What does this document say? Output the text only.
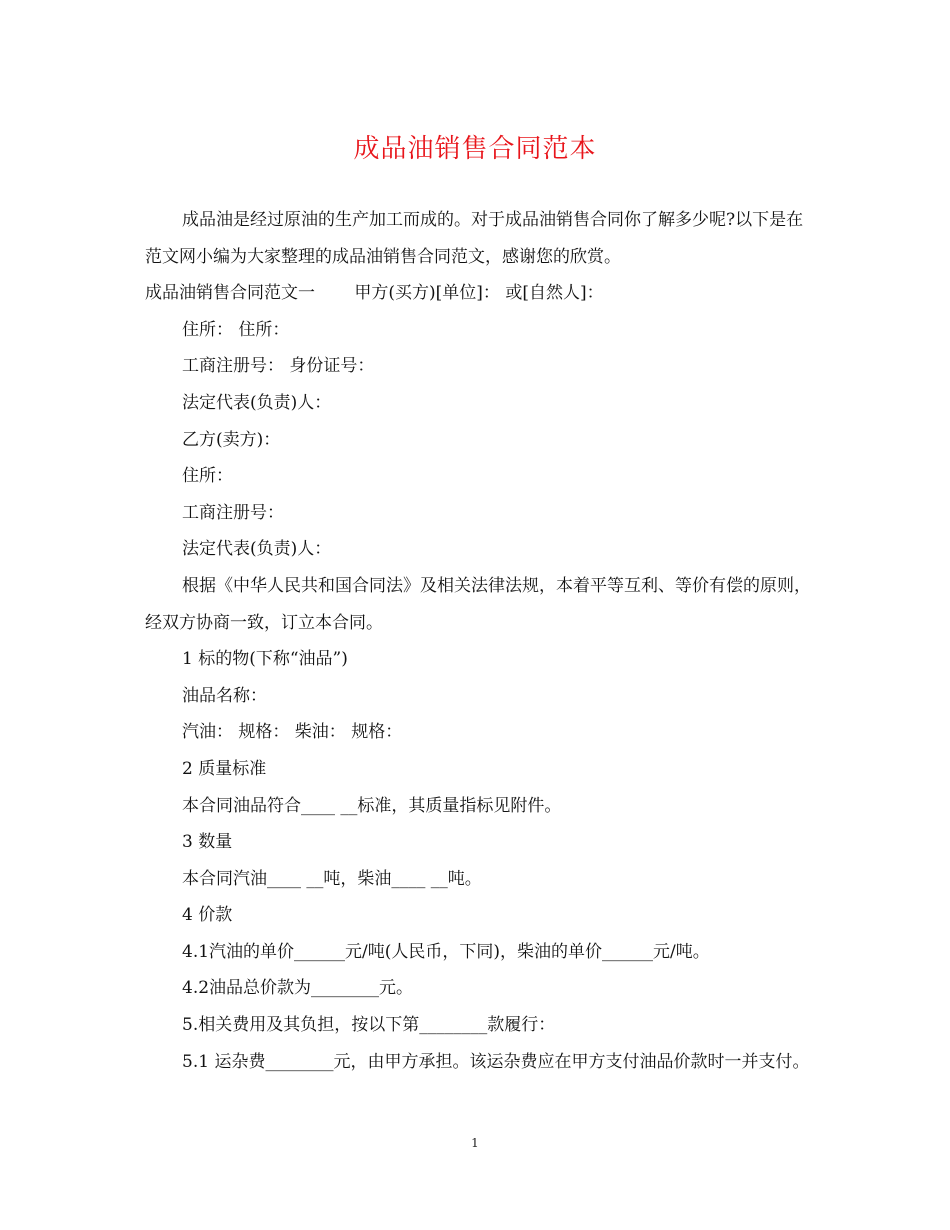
成品油销售合同范本

成品油是经过原油的生产加工而成的。对于成品油销售合同你了解多少呢?以下是在范文网小编为大家整理的成品油销售合同范文，感谢您的欣赏。

成品油销售合同范文一　　 甲方(买方)[单位]： 或[自然人]：

住所： 住所：

工商注册号： 身份证号：

法定代表(负责)人：

乙方(卖方)：

住所：

工商注册号：

法定代表(负责)人：

根据《中华人民共和国合同法》及相关法律法规，本着平等互利、等价有偿的原则，经双方协商一致，订立本合同。

1 标的物(下称“油品”)

油品名称：

汽油： 规格： 柴油： 规格：

2 质量标准

本合同油品符合____ __标准，其质量指标见附件。

3 数量

本合同汽油____ __吨，柴油____ __吨。

4 价款

4.1汽油的单价______元/吨(人民币，下同)，柴油的单价______元/吨。

4.2油品总价款为________元。

5.相关费用及其负担，按以下第________款履行：

5.1 运杂费________元，由甲方承担。该运杂费应在甲方支付油品价款时一并支付。

1
